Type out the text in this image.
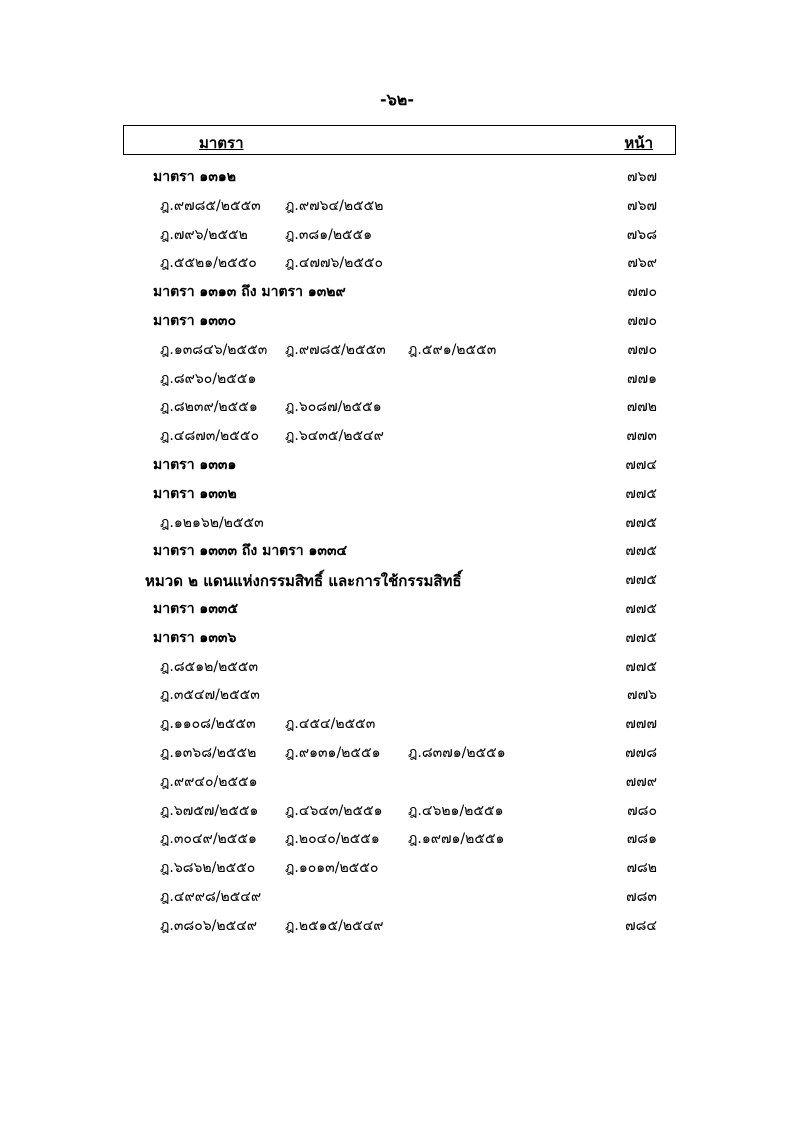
-๖๒-
มาตรา	หน้า
มาตรา ๑๓๑๒	๗๖๗
ฎ.๙๗๘๕/๒๕๕๓ ฎ.๙๗๖๔/๒๕๕๒	๗๖๗
ฎ.๗๙๖/๒๕๕๒	ฎ.๓๘๑/๒๕๕๑	๗๖๘
ฎ.๕๕๒๑/๒๕๕๐ ฎ.๔๗๗๖/๒๕๕๐	๗๖๙
มาตรา ๑๓๑๓ ถึง มาตรา ๑๓๒๙	๗๗๐
มาตรา ๑๓๓๐	๗๗๐
ฎ.๑๓๘๔๖/๒๕๕๓ ฎ.๙๗๘๕/๒๕๕๓ ฎ.๕๙๑/๒๕๕๓	๗๗๐
ฎ.๘๙๖๐/๒๕๕๑	๗๗๑
ฎ.๘๒๓๙/๒๕๕๑ ฎ.๖๐๘๗/๒๕๕๑	๗๗๒
ฎ.๔๘๗๓/๒๕๕๐ ฎ.๖๔๓๕/๒๕๔๙	๗๗๓
มาตรา ๑๓๓๑	๗๗๔
มาตรา ๑๓๓๒	๗๗๕
ฎ.๑๒๑๖๒/๒๕๕๓	๗๗๕
มาตรา ๑๓๓๓ ถึง มาตรา ๑๓๓๔	๗๗๕
หมวด ๒ แดนแห่งกรรมสิทธิ์ และการใช้กรรมสิทธิ์	๗๗๕
มาตรา ๑๓๓๕	๗๗๕
มาตรา ๑๓๓๖	๗๗๕
ฎ.๘๕๑๒/๒๕๕๓	๗๗๕
ฎ.๓๕๔๗/๒๕๕๓	๗๗๖
ฎ.๑๑๐๘/๒๕๕๓ ฎ.๔๕๔/๒๕๕๓	๗๗๗
ฎ.๑๓๖๘/๒๕๕๒ ฎ.๙๑๓๑/๒๕๕๑ ฎ.๘๓๗๑/๒๕๕๑	๗๗๘
ฎ.๙๙๔๐/๒๕๕๑	๗๗๙
ฎ.๖๗๕๗/๒๕๕๑ ฎ.๔๖๔๓/๒๕๕๑ ฎ.๔๖๒๑/๒๕๕๑	๗๘๐
ฎ.๓๐๔๙/๒๕๕๑ ฎ.๒๐๔๐/๒๕๕๑ ฎ.๑๙๗๑/๒๕๕๑	๗๘๑
ฎ.๖๘๖๒/๒๕๕๐ ฎ.๑๐๑๓/๒๕๕๐	๗๘๒
ฎ.๔๙๙๘/๒๕๔๙	๗๘๓
ฎ.๓๘๐๖/๒๕๔๙ ฎ.๒๕๑๕/๒๕๔๙	๗๘๔
